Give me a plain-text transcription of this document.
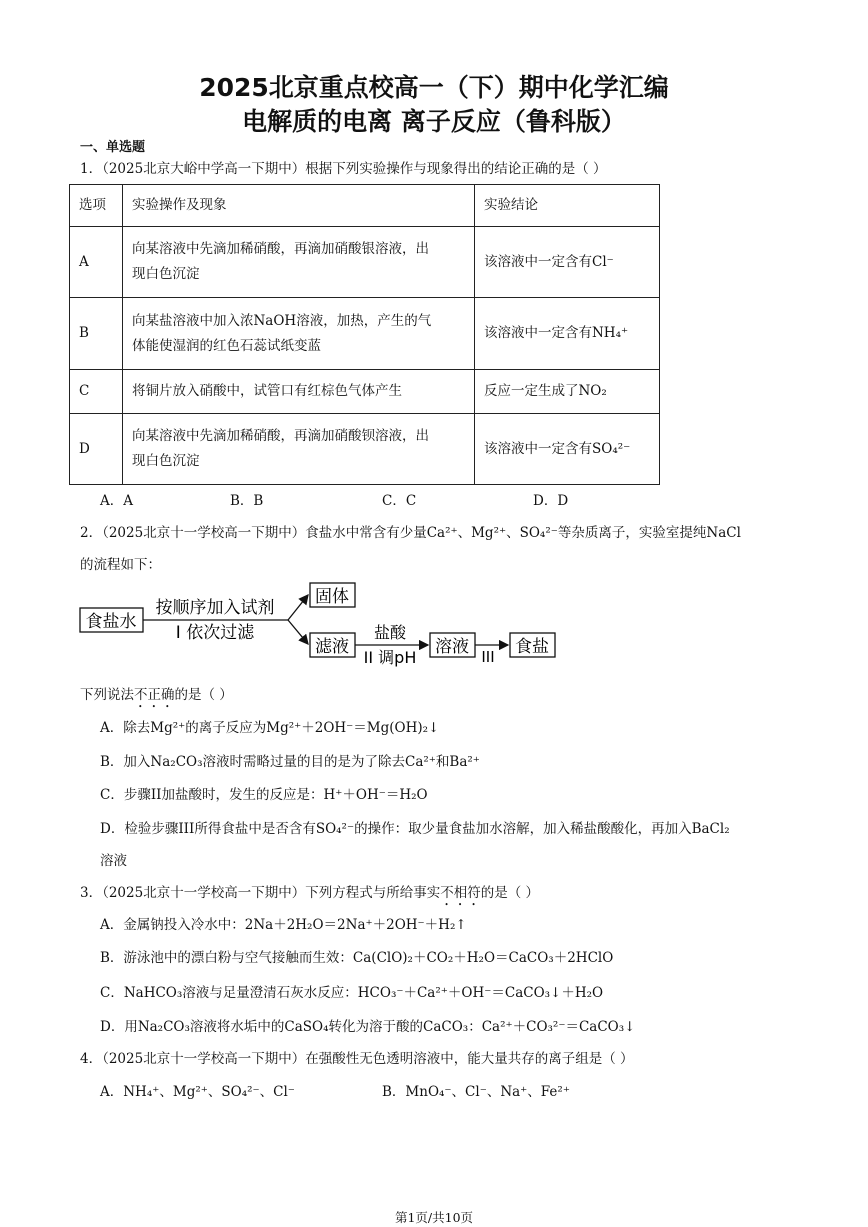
2025北京重点校高一（下）期中化学汇编
电解质的电离 离子反应（鲁科版）
一、单选题
1．（2025北京大峪中学高一下期中）根据下列实验操作与现象得出的结论正确的是（ ）
选项	实验操作及现象	实验结论
A	向某溶液中先滴加稀硝酸，再滴加硝酸银溶液，出
现白色沉淀	该溶液中一定含有Cl⁻
B	向某盐溶液中加入浓NaOH溶液，加热，产生的气
体能使湿润的红色石蕊试纸变蓝	该溶液中一定含有NH₄⁺
C	将铜片放入硝酸中，试管口有红棕色气体产生	反应一定生成了NO₂
D	向某溶液中先滴加稀硝酸，再滴加硝酸钡溶液，出
现白色沉淀	该溶液中一定含有SO₄²⁻
A．A	B．B	C．C	D．D
2．（2025北京十一学校高一下期中）食盐水中常含有少量Ca²⁺、Mg²⁺、SO₄²⁻等杂质离子，实验室提纯NaCl
的流程如下：
食盐水
按顺序加入试剂
I 依次过滤
固体
滤液
盐酸
II 调pH
溶液 III 食盐
下列说法不正确的是（ ）
A．除去Mg²⁺的离子反应为Mg²⁺＋2OH⁻＝Mg(OH)₂↓
B．加入Na₂CO₃溶液时需略过量的目的是为了除去Ca²⁺和Ba²⁺
C．步骤II加盐酸时，发生的反应是：H⁺＋OH⁻＝H₂O
D．检验步骤III所得食盐中是否含有SO₄²⁻的操作：取少量食盐加水溶解，加入稀盐酸酸化，再加入BaCl₂
溶液
3．（2025北京十一学校高一下期中）下列方程式与所给事实不相符的是（ ）
A．金属钠投入冷水中：2Na＋2H₂O＝2Na⁺＋2OH⁻＋H₂↑
B．游泳池中的漂白粉与空气接触而生效：Ca(ClO)₂＋CO₂＋H₂O＝CaCO₃＋2HClO
C．NaHCO₃溶液与足量澄清石灰水反应：HCO₃⁻＋Ca²⁺＋OH⁻＝CaCO₃↓＋H₂O
D．用Na₂CO₃溶液将水垢中的CaSO₄转化为溶于酸的CaCO₃：Ca²⁺＋CO₃²⁻＝CaCO₃↓
4．（2025北京十一学校高一下期中）在强酸性无色透明溶液中，能大量共存的离子组是（ ）
A．NH₄⁺、Mg²⁺、SO₄²⁻、Cl⁻	B．MnO₄⁻、Cl⁻、Na⁺、Fe²⁺
第1页/共10页
